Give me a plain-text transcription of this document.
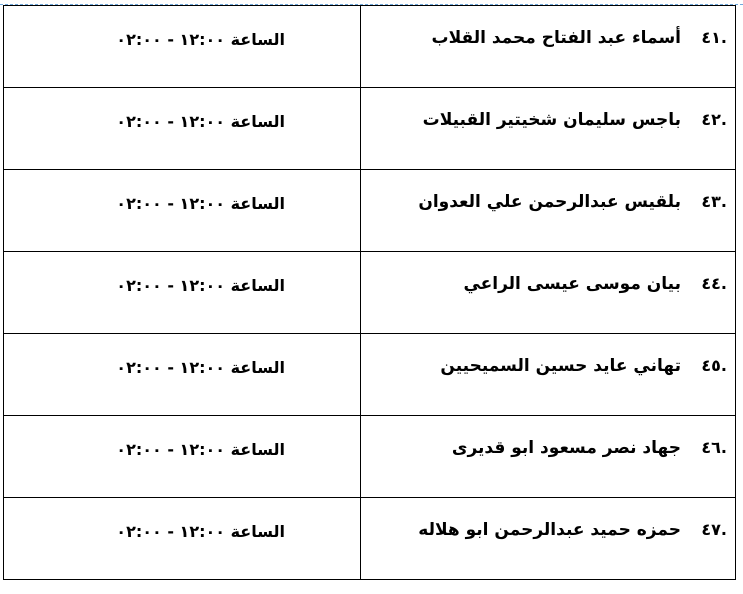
٤١.
أسماء عبد الفتاح محمد القلاب	الساعة ١٢:٠٠ - ٠٢:٠٠

٤٢.
باجس سليمان شخيتير القبيلات	الساعة ١٢:٠٠ - ٠٢:٠٠

٤٣.
بلقيس عبدالرحمن علي العدوان	الساعة ١٢:٠٠ - ٠٢:٠٠

٤٤.
بيان موسى عيسى الراعي	الساعة ١٢:٠٠ - ٠٢:٠٠

٤٥.
تهاني عايد حسين السميحيين	الساعة ١٢:٠٠ - ٠٢:٠٠

٤٦.
جهاد نصر مسعود ابو قديرى	الساعة ١٢:٠٠ - ٠٢:٠٠

٤٧.
حمزه حميد عبدالرحمن ابو هلاله	الساعة ١٢:٠٠ - ٠٢:٠٠
